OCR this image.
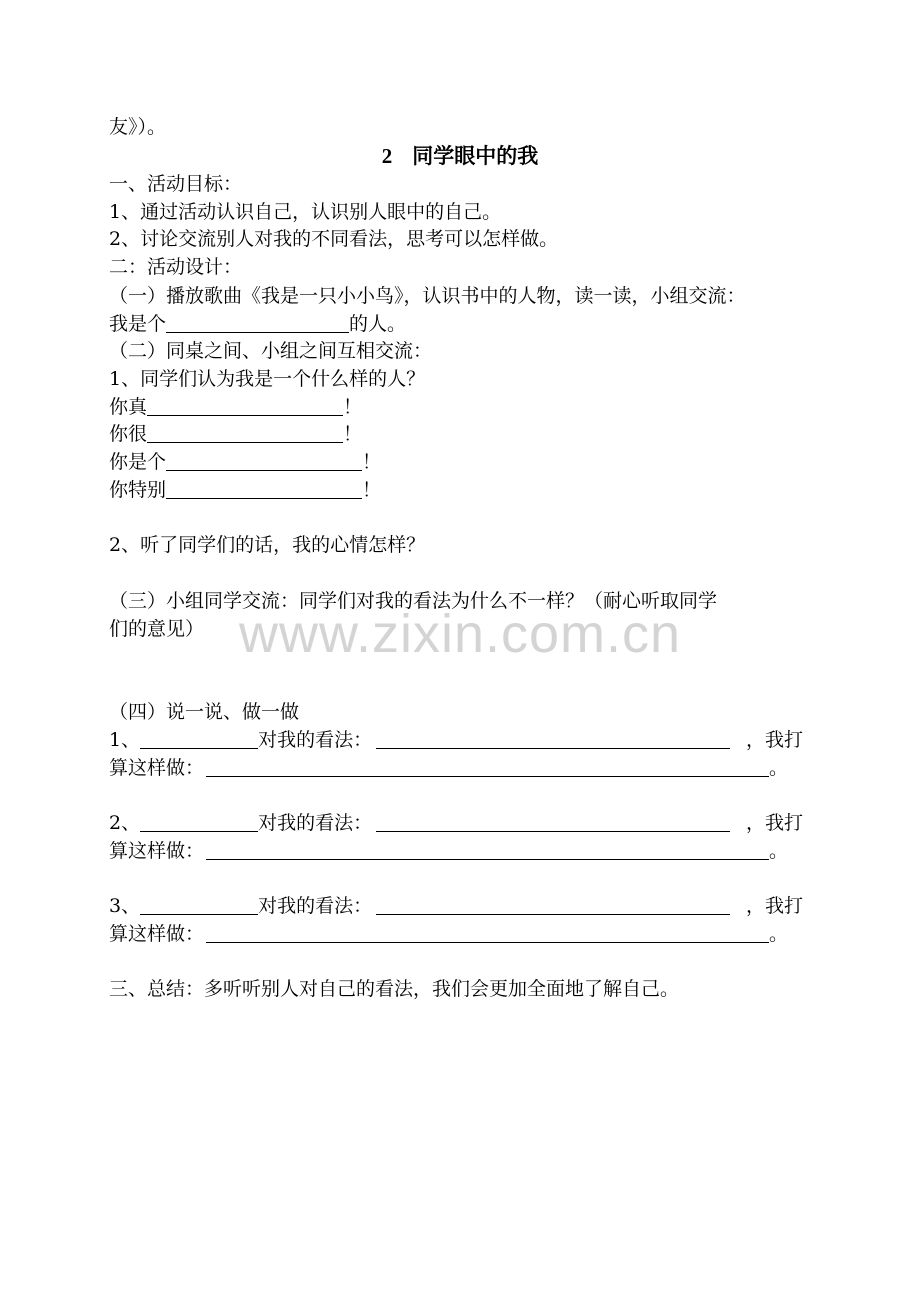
友》）。
2 同学眼中的我
一、活动目标：
1、通过活动认识自己，认识别人眼中的自己。
2、讨论交流别人对我的不同看法，思考可以怎样做。
二：活动设计：
（一）播放歌曲《我是一只小小鸟》，认识书中的人物，读一读，小组交流：
我是个	的人。
（二）同桌之间、小组之间互相交流：
1、同学们认为我是一个什么样的人？
你真	！
你很	！
你是个	！
你特别	！
2、听了同学们的话，我的心情怎样？
（三）小组同学交流：同学们对我的看法为什么不一样？（耐心听取同学
们的意见） www.zixin.com.cn
（四）说一说、做一做
1、	对我的看法：	，我打
算这样做：	。
2、	对我的看法：	，我打
算这样做：	。
3、	对我的看法：	，我打
算这样做：	。
三、总结：多听听别人对自己的看法，我们会更加全面地了解自己。
